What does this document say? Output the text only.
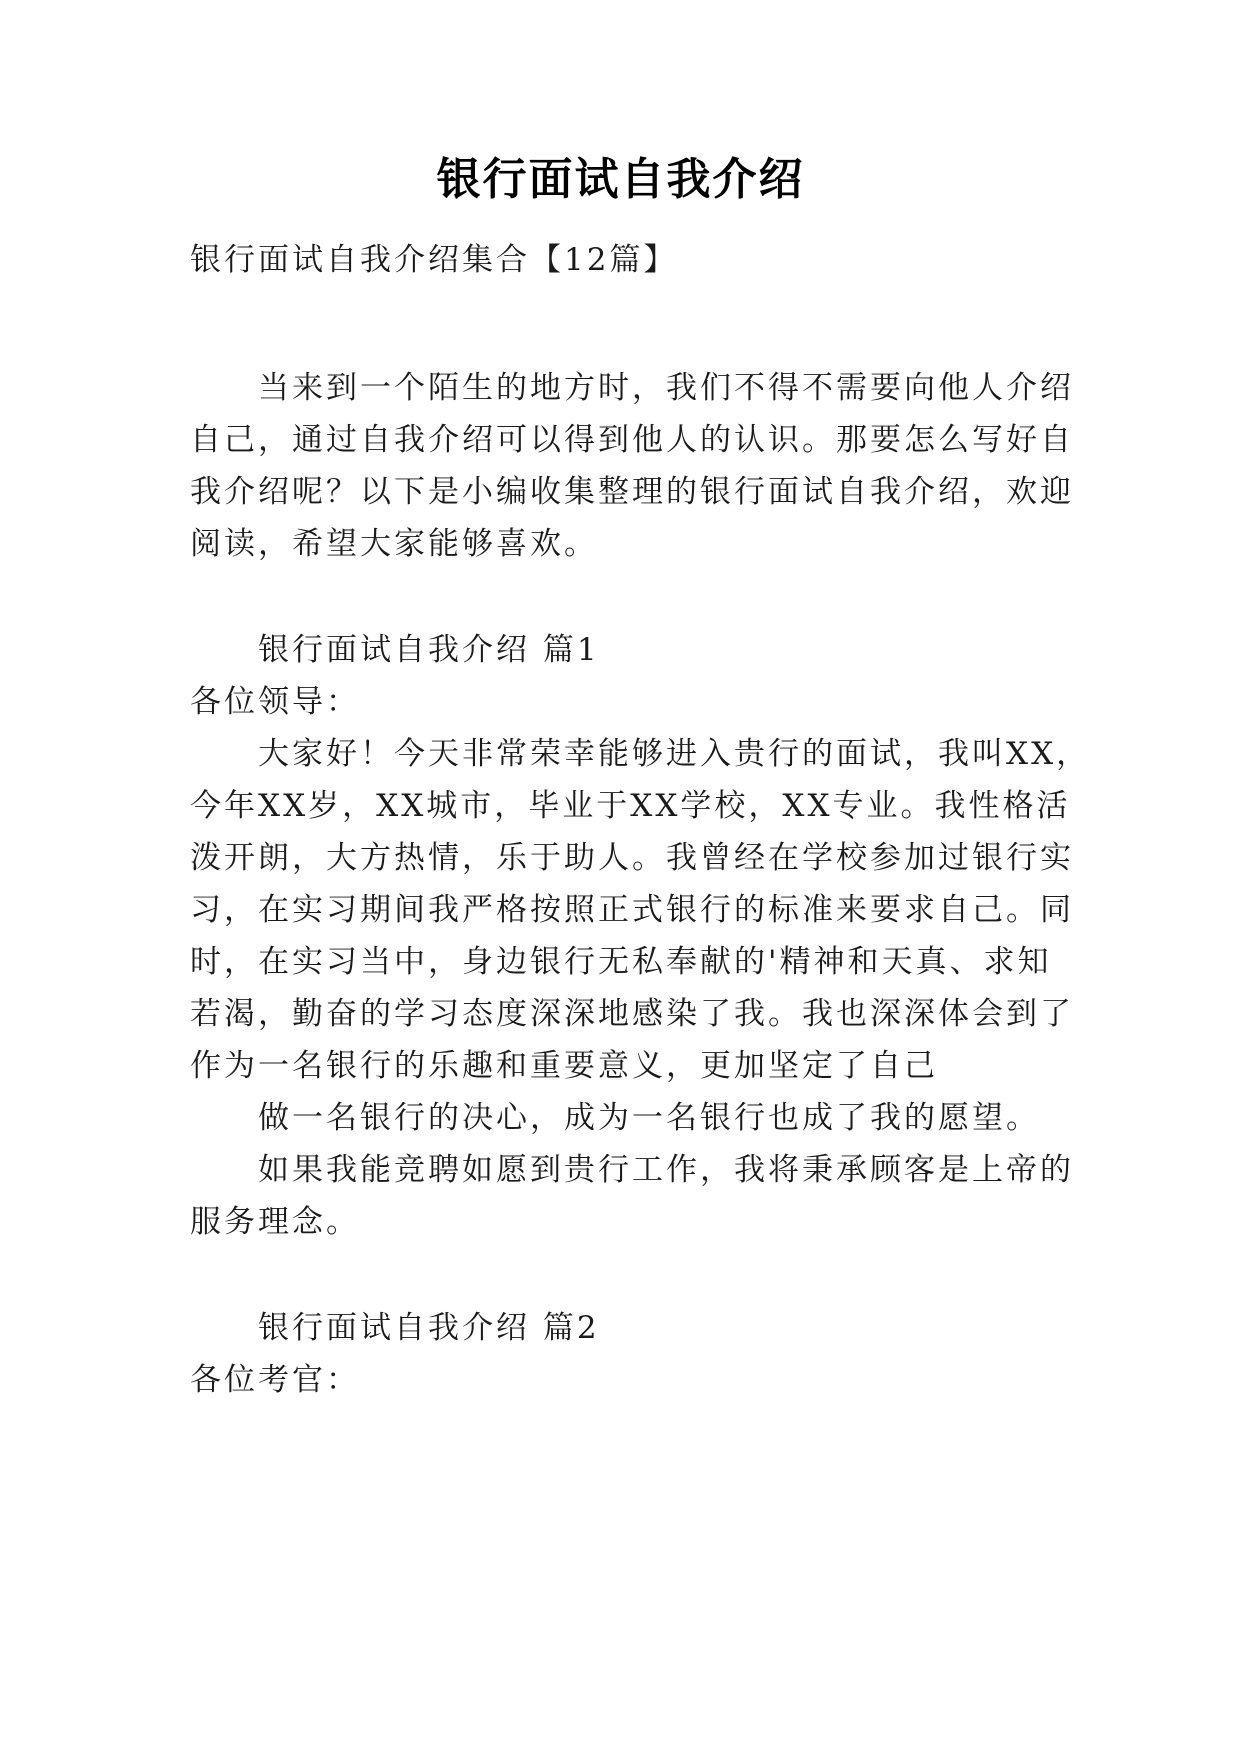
银行面试自我介绍
银行面试自我介绍集合【12篇】
当来到一个陌生的地方时，我们不得不需要向他人介绍
自己，通过自我介绍可以得到他人的认识。那要怎么写好自
我介绍呢？以下是小编收集整理的银行面试自我介绍，欢迎
阅读，希望大家能够喜欢。
银行面试自我介绍 篇1
各位领导：
大家好！今天非常荣幸能够进入贵行的面试，我叫XX，
今年XX岁，XX城市，毕业于XX学校，XX专业。我性格活
泼开朗，大方热情，乐于助人。我曾经在学校参加过银行实
习，在实习期间我严格按照正式银行的标准来要求自己。同
时，在实习当中，身边银行无私奉献的'精神和天真、求知
若渴，勤奋的学习态度深深地感染了我。我也深深体会到了
作为一名银行的乐趣和重要意义，更加坚定了自己
做一名银行的决心，成为一名银行也成了我的愿望。
如果我能竞聘如愿到贵行工作，我将秉承顾客是上帝的
服务理念。
银行面试自我介绍 篇2
各位考官：
